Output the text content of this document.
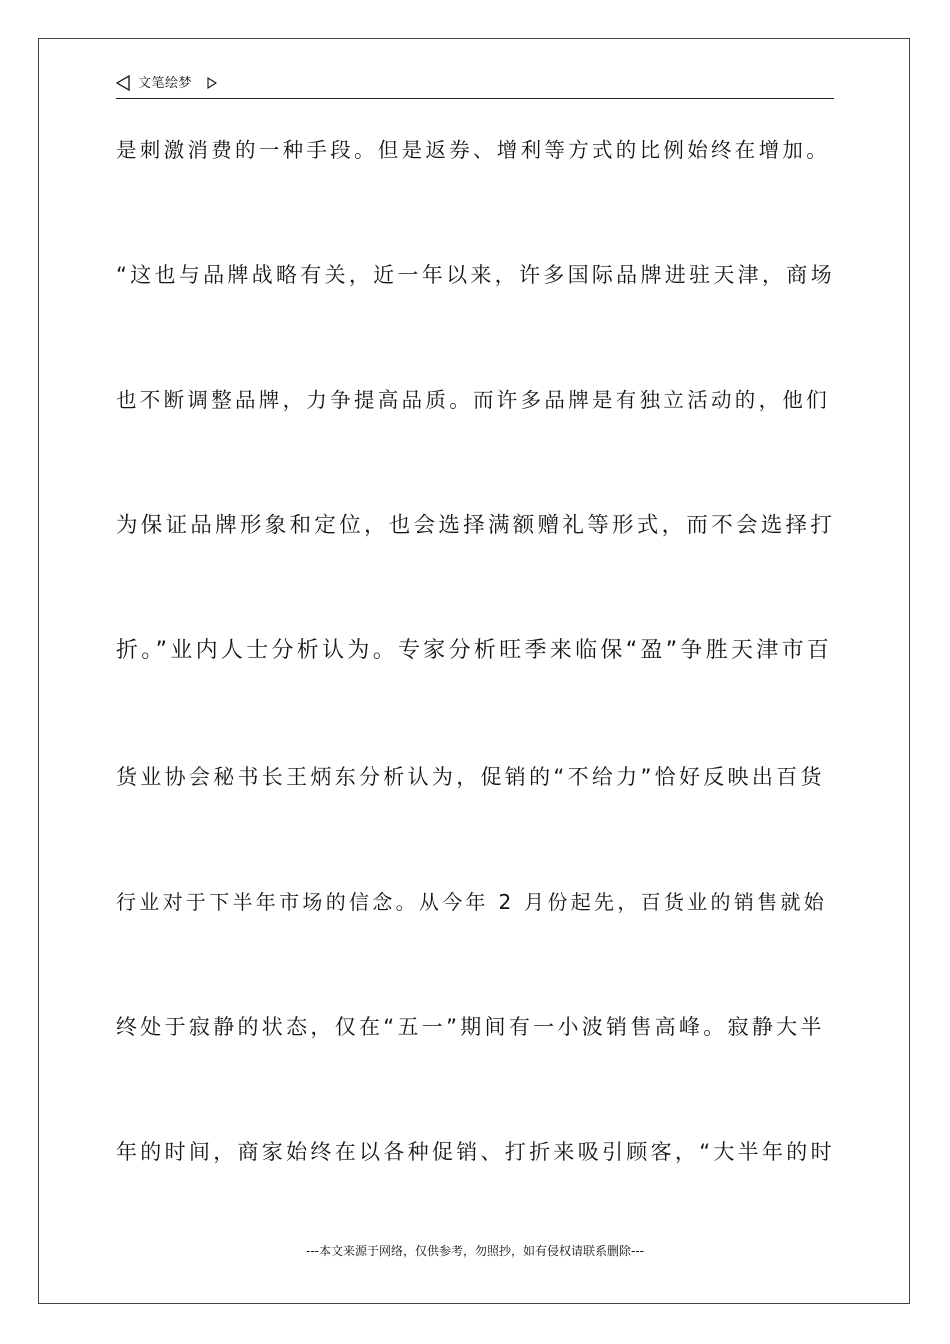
文笔绘梦
是刺激消费的一种手段。但是返券、增利等方式的比例始终在增加。
“这也与品牌战略有关，近一年以来，许多国际品牌进驻天津，商场
也不断调整品牌，力争提高品质。而许多品牌是有独立活动的，他们
为保证品牌形象和定位，也会选择满额赠礼等形式，而不会选择打
折。”业内人士分析认为。专家分析旺季来临保“盈”争胜天津市百
货业协会秘书长王炳东分析认为，促销的“不给力”恰好反映出百货
行业对于下半年市场的信念。从今年 2 月份起先，百货业的销售就始
终处于寂静的状态，仅在“五一”期间有一小波销售高峰。寂静大半
年的时间，商家始终在以各种促销、打折来吸引顾客，“大半年的时
---本文来源于网络，仅供参考，勿照抄，如有侵权请联系删除---
